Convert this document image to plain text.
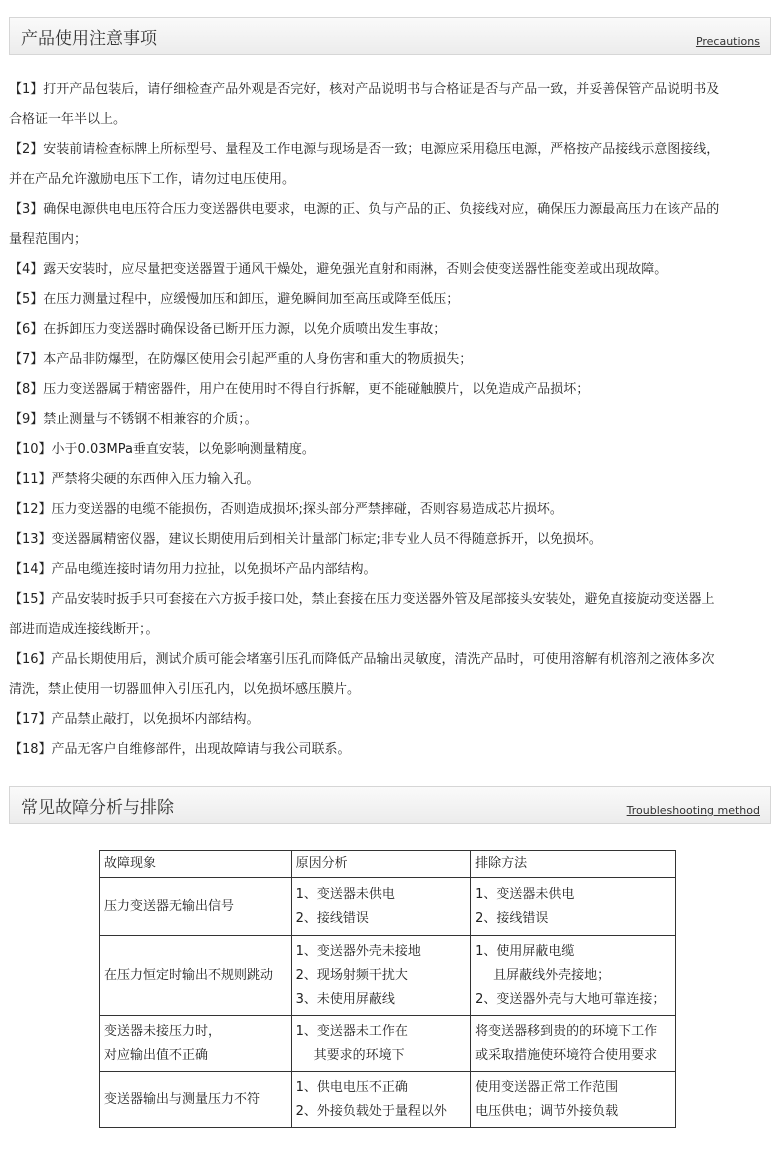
产品使用注意事项	Precautions

【1】打开产品包装后，请仔细检查产品外观是否完好，核对产品说明书与合格证是否与产品一致，并妥善保管产品说明书及
合格证一年半以上。

【2】安装前请检查标牌上所标型号、量程及工作电源与现场是否一致；电源应采用稳压电源，严格按产品接线示意图接线，
并在产品允许激励电压下工作，请勿过电压使用。

【3】确保电源供电电压符合压力变送器供电要求，电源的正、负与产品的正、负接线对应，确保压力源最高压力在该产品的
量程范围内；

【4】露天安装时，应尽量把变送器置于通风干燥处，避免强光直射和雨淋，否则会使变送器性能变差或出现故障。

【5】在压力测量过程中，应缓慢加压和卸压，避免瞬间加至高压或降至低压；

【6】在拆卸压力变送器时确保设备已断开压力源，以免介质喷出发生事故；

【7】本产品非防爆型，在防爆区使用会引起严重的人身伤害和重大的物质损失；

【8】压力变送器属于精密器件，用户在使用时不得自行拆解，更不能碰触膜片，以免造成产品损坏；

【9】禁止测量与不锈钢不相兼容的介质；。

【10】小于0.03MPa垂直安装，以免影响测量精度。

【11】严禁将尖硬的东西伸入压力输入孔。

【12】压力变送器的电缆不能损伤，否则造成损坏;探头部分严禁摔碰，否则容易造成芯片损坏。

【13】变送器属精密仪器，建议长期使用后到相关计量部门标定;非专业人员不得随意拆开，以免损坏。

【14】产品电缆连接时请勿用力拉扯，以免损坏产品内部结构。

【15】产品安装时扳手只可套接在六方扳手接口处，禁止套接在压力变送器外管及尾部接头安装处，避免直接旋动变送器上
部进而造成连接线断开；。

【16】产品长期使用后，测试介质可能会堵塞引压孔而降低产品输出灵敏度，清洗产品时，可使用溶解有机溶剂之液体多次
清洗，禁止使用一切器皿伸入引压孔内，以免损坏感压膜片。

【17】产品禁止敲打，以免损坏内部结构。

【18】产品无客户自维修部件，出现故障请与我公司联系。

常见故障分析与排除	Troubleshooting method
故障现象	原因分析	排除方法

压力变送器无输出信号	1、变送器未供电
2、接线错误	1、变送器未供电
2、接线错误

在压力恒定时输出不规则跳动	1、变送器外壳未接地
2、现场射频干扰大
3、未使用屏蔽线	1、使用屏蔽电缆
且屏蔽线外壳接地；
2、变送器外壳与大地可靠连接；

变送器未接压力时，
对应输出值不正确	1、变送器未工作在
其要求的环境下	将变送器移到贵的的环境下工作
或采取措施使环境符合使用要求

变送器输出与测量压力不符	1、供电电压不正确
2、外接负载处于量程以外	使用变送器正常工作范围
电压供电；调节外接负载
